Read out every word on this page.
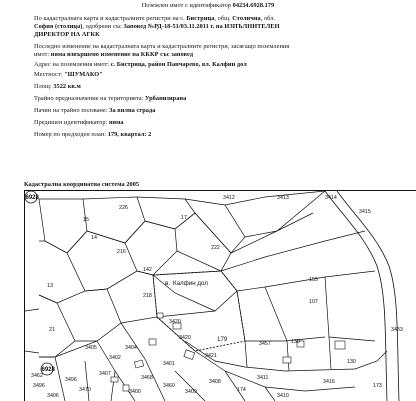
Поземлен имот с идентификатор 04234.6928.179
По кадастралната карта и кадастралните регистри на с. Бистрица, общ. Столична, обл.
София (столица), одобрени със Заповед №РД-18-51/03.11.2011 г. на ИЗПЪЛНИТЕЛЕН
ДИРЕКТОР НА АГКК
Последно изменение на кадастралната карта и кадастралните регистри, засягащо поземления
имот: няма извършено изменение на КККР със заповед
Адрес на поземления имот: с. Бистрица, район Панчарево, вл. Калфин дол
Местност: "ШУМАКО"
Площ: 3522 кв.м
Трайно предназначение на територията: Урбанизирана
Начин на трайно ползване: За вилна сграда
Предишен идентификатор: няма
Номер по предходен план: 179, квартал: 2
Кадастрална координатна система 2005
6928
6928
в. Калфин дол
226
17
222
15
14
3412	3413	3414
3415
142
216
218
155
107
3420
130
3433
3457
3421
179
3405
3496	173
3406
3400
3496	3468	3411
3416
130
13
21
3409	174
3407
3462
3470
3460
3408
3402
3410
3401
3420
3404
